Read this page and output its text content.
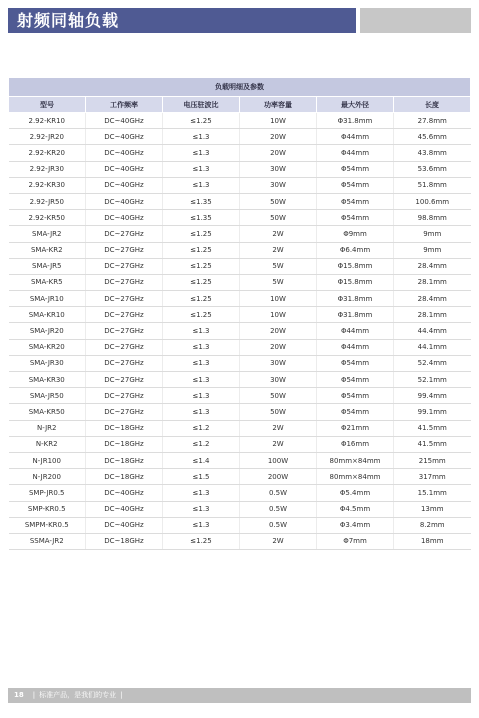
射频同轴负载
负载明细及参数					
型号	工作频率	电压驻波比	功率容量	最大外径	长度
2.92-KR10	DC~40GHz	≤1.25	10W	Φ31.8mm	27.8mm
2.92-JR20	DC~40GHz	≤1.3	20W	Φ44mm	45.6mm
2.92-KR20	DC~40GHz	≤1.3	20W	Φ44mm	43.8mm
2.92-JR30	DC~40GHz	≤1.3	30W	Φ54mm	53.6mm
2.92-KR30	DC~40GHz	≤1.3	30W	Φ54mm	51.8mm
2.92-JR50	DC~40GHz	≤1.35	50W	Φ54mm	100.6mm
2.92-KR50	DC~40GHz	≤1.35	50W	Φ54mm	98.8mm
SMA-JR2	DC~27GHz	≤1.25	2W	Φ9mm	9mm
SMA-KR2	DC~27GHz	≤1.25	2W	Φ6.4mm	9mm
SMA-JR5	DC~27GHz	≤1.25	5W	Φ15.8mm	28.4mm
SMA-KR5	DC~27GHz	≤1.25	5W	Φ15.8mm	28.1mm
SMA-JR10	DC~27GHz	≤1.25	10W	Φ31.8mm	28.4mm
SMA-KR10	DC~27GHz	≤1.25	10W	Φ31.8mm	28.1mm
SMA-JR20	DC~27GHz	≤1.3	20W	Φ44mm	44.4mm
SMA-KR20	DC~27GHz	≤1.3	20W	Φ44mm	44.1mm
SMA-JR30	DC~27GHz	≤1.3	30W	Φ54mm	52.4mm
SMA-KR30	DC~27GHz	≤1.3	30W	Φ54mm	52.1mm
SMA-JR50	DC~27GHz	≤1.3	50W	Φ54mm	99.4mm
SMA-KR50	DC~27GHz	≤1.3	50W	Φ54mm	99.1mm
N-JR2	DC~18GHz	≤1.2	2W	Φ21mm	41.5mm
N-KR2	DC~18GHz	≤1.2	2W	Φ16mm	41.5mm
N-JR100	DC~18GHz	≤1.4	100W	80mm×84mm	215mm
N-JR200	DC~18GHz	≤1.5	200W	80mm×84mm	317mm
SMP-JR0.5	DC~40GHz	≤1.3	0.5W	Φ5.4mm	15.1mm
SMP-KR0.5	DC~40GHz	≤1.3	0.5W	Φ4.5mm	13mm
SMPM-KR0.5	DC~40GHz	≤1.3	0.5W	Φ3.4mm	8.2mm
SSMA-JR2	DC~18GHz	≤1.25	2W	Φ7mm	18mm
18 | 标准产品，是我们的专业 |
